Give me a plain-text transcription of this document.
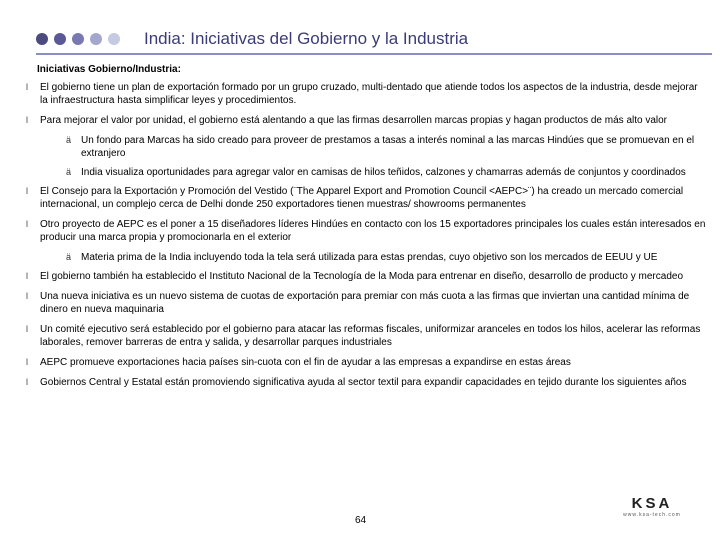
India: Iniciativas del Gobierno y la Industria
Iniciativas Gobierno/Industria:
l El gobierno tiene un plan de exportación formado por un grupo cruzado, multi-dentado que atiende todos los aspectos de la industria, desde mejorar la infraestructura hasta simplificar leyes y procedimientos.
l Para mejorar el valor por unidad, el gobierno está alentando a que las firmas desarrollen marcas propias y hagan productos de más alto valor
ä Un fondo para Marcas ha sido creado para proveer de prestamos a tasas a interés nominal a las marcas Hindúes que se promuevan en el extranjero
ä India visualiza oportunidades para agregar valor en camisas de hilos teñidos, calzones y chamarras además de conjuntos y coordinados
l El Consejo para la Exportación y Promoción del Vestido (¨The Apparel Export and Promotion Council <AEPC>¨) ha creado un mercado comercial internacional, un complejo cerca de Delhi donde 250 exportadores tienen muestras/ showrooms permanentes
l Otro proyecto de AEPC es el poner a 15 diseñadores líderes Hindúes en contacto con los 15 exportadores principales los cuales están interesados en producir una marca propia y promocionarla en el exterior
ä Materia prima de la India incluyendo toda la tela será utilizada para estas prendas, cuyo objetivo son los mercados de EEUU y UE
l El gobierno también ha establecido el Instituto Nacional de la Tecnología de la Moda para entrenar en diseño, desarrollo de producto y mercadeo
l Una nueva iniciativa es un nuevo sistema de cuotas de exportación para premiar con más cuota a las firmas que inviertan una cantidad mínima de dinero en nueva maquinaria
l Un comité ejecutivo será establecido por el gobierno para atacar las reformas fiscales, uniformizar aranceles en todos los hilos, acelerar las reformas laborales, remover barreras de entra y salida, y desarrollar parques industriales
l AEPC promueve exportaciones hacia países sin-cuota con el fin de ayudar a las empresas a expandirse en estas áreas
l Gobiernos Central y Estatal están promoviendo significativa ayuda al sector textil para expandir capacidades en tejido durante los siguientes años
64
KSA
www.ksa-tech.com
